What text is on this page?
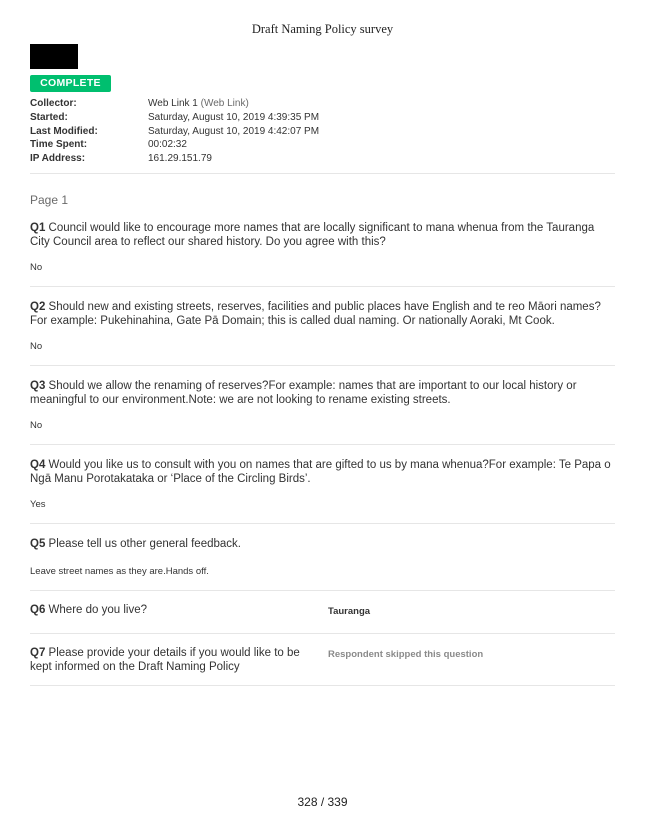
Draft Naming Policy survey
COMPLETE
Collector:	Web Link 1 (Web Link)
Started:	Saturday, August 10, 2019 4:39:35 PM
Last Modified:	Saturday, August 10, 2019 4:42:07 PM
Time Spent:	00:02:32
IP Address:	161.29.151.79
Page 1
Q1 Council would like to encourage more names that are locally significant to mana whenua from the Tauranga City Council area to reflect our shared history. Do you agree with this?
No
Q2 Should new and existing streets, reserves, facilities and public places have English and te reo Māori names?For example: Pukehinahina, Gate Pā Domain; this is called dual naming. Or nationally Aoraki, Mt Cook.
No
Q3 Should we allow the renaming of reserves?For example: names that are important to our local history or meaningful to our environment.Note: we are not looking to rename existing streets.
No
Q4 Would you like us to consult with you on names that are gifted to us by mana whenua?For example: Te Papa o Ngā Manu Porotakataka or ‘Place of the Circling Birds’.
Yes
Q5 Please tell us other general feedback.
Leave street names as they are.Hands off.
Q6 Where do you live?	Tauranga
Q7 Please provide your details if you would like to be kept informed on the Draft Naming Policy
Respondent skipped this question
328 / 339
